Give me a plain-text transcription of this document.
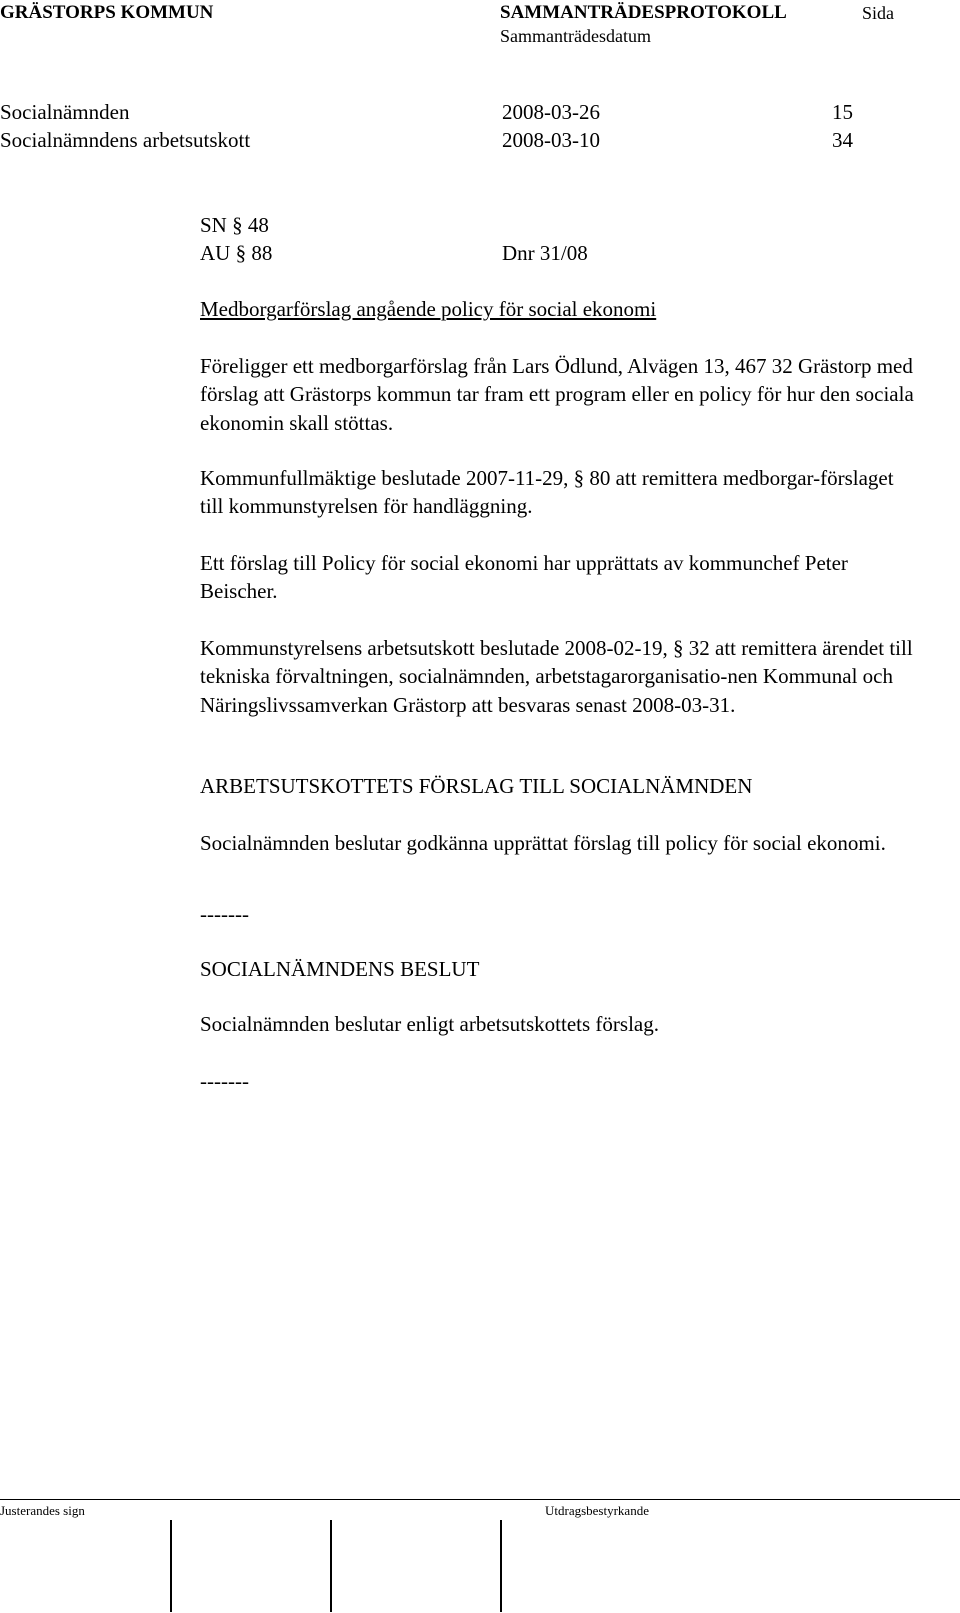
GRÄSTORPS KOMMUN	SAMMANTRÄDESPROTOKOLL	Sida
Sammanträdesdatum
Socialnämnden	2008-03-26	15
Socialnämndens arbetsutskott	2008-03-10	34
SN § 48
AU § 88	Dnr 31/08
Medborgarförslag angående policy för social ekonomi
Föreligger ett medborgarförslag från Lars Ödlund, Alvägen 13, 467 32 Grästorp med förslag att Grästorps kommun tar fram ett program eller en policy för hur den sociala ekonomin skall stöttas.
Kommunfullmäktige beslutade 2007-11-29, § 80 att remittera medborgar-förslaget till kommunstyrelsen för handläggning.
Ett förslag till Policy för social ekonomi har upprättats av kommunchef Peter Beischer.
Kommunstyrelsens arbetsutskott beslutade 2008-02-19, § 32 att remittera ärendet till tekniska förvaltningen, socialnämnden, arbetstagarorganisatio-nen Kommunal och Näringslivssamverkan Grästorp att besvaras senast 2008-03-31.
ARBETSUTSKOTTETS FÖRSLAG TILL SOCIALNÄMNDEN
Socialnämnden beslutar godkänna upprättat förslag till policy för social ekonomi.
-------
SOCIALNÄMNDENS BESLUT
Socialnämnden beslutar enligt arbetsutskottets förslag.
-------
Justerandes sign	Utdragsbestyrkande
